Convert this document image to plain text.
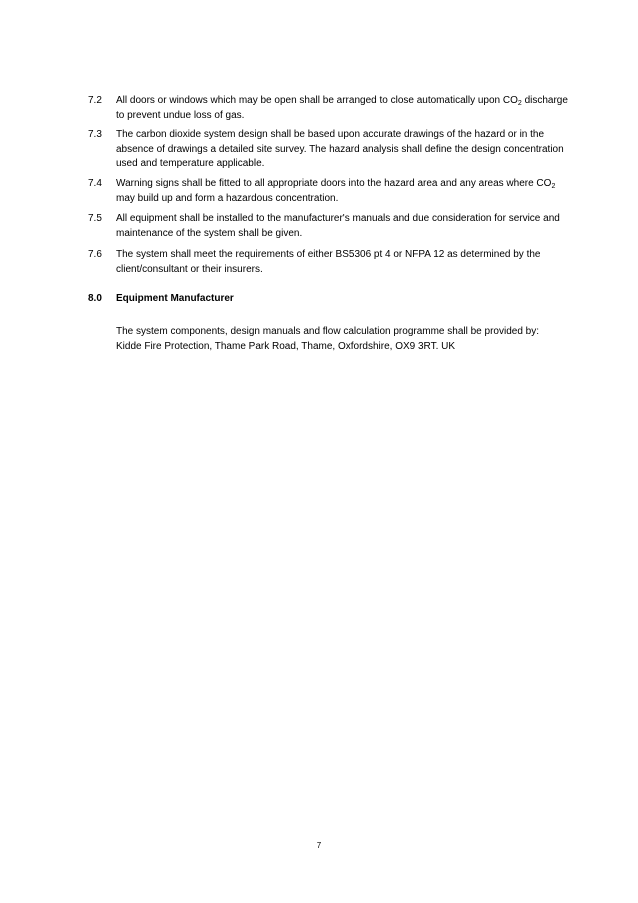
7.2	All doors or windows which may be open shall be arranged to close automatically upon $CO_2$ discharge to prevent undue loss of gas.
7.3	The carbon dioxide system design shall be based upon accurate drawings of the hazard or in the absence of drawings a detailed site survey. The hazard analysis shall define the design concentration used and temperature applicable.
7.4	Warning signs shall be fitted to all appropriate doors into the hazard area and any areas where $CO_2$ may build up and form a hazardous concentration.
7.5	All equipment shall be installed to the manufacturer's manuals and due consideration for service and maintenance of the system shall be given.
7.6	The system shall meet the requirements of either BS5306 pt 4 or NFPA 12 as determined by the client/consultant or their insurers.
8.0	Equipment Manufacturer
The system components, design manuals and flow calculation programme shall be provided by:
Kidde Fire Protection, Thame Park Road, Thame, Oxfordshire, OX9 3RT. UK
7
